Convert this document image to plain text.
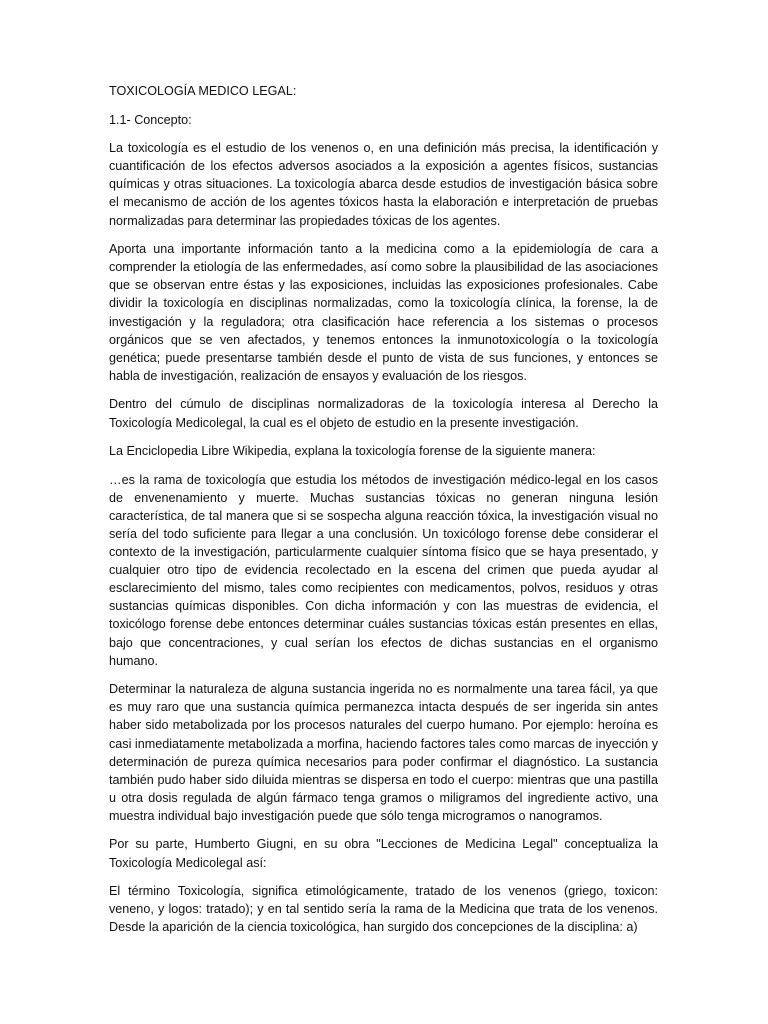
TOXICOLOGÍA MEDICO LEGAL:

1.1- Concepto:

La toxicología es el estudio de los venenos o, en una definición más precisa, la identificación y cuantificación de los efectos adversos asociados a la exposición a agentes físicos, sustancias químicas y otras situaciones. La toxicología abarca desde estudios de investigación básica sobre el mecanismo de acción de los agentes tóxicos hasta la elaboración e interpretación de pruebas normalizadas para determinar las propiedades tóxicas de los agentes.

Aporta una importante información tanto a la medicina como a la epidemiología de cara a comprender la etiología de las enfermedades, así como sobre la plausibilidad de las asociaciones que se observan entre éstas y las exposiciones, incluidas las exposiciones profesionales. Cabe dividir la toxicología en disciplinas normalizadas, como la toxicología clínica, la forense, la de investigación y la reguladora; otra clasificación hace referencia a los sistemas o procesos orgánicos que se ven afectados, y tenemos entonces la inmunotoxicología o la toxicología genética; puede presentarse también desde el punto de vista de sus funciones, y entonces se habla de investigación, realización de ensayos y evaluación de los riesgos.

Dentro del cúmulo de disciplinas normalizadoras de la toxicología interesa al Derecho la Toxicología Medicolegal, la cual es el objeto de estudio en la presente investigación.

La Enciclopedia Libre Wikipedia, explana la toxicología forense de la siguiente manera:

…es la rama de toxicología que estudia los métodos de investigación médico-legal en los casos de envenenamiento y muerte. Muchas sustancias tóxicas no generan ninguna lesión característica, de tal manera que si se sospecha alguna reacción tóxica, la investigación visual no sería del todo suficiente para llegar a una conclusión. Un toxicólogo forense debe considerar el contexto de la investigación, particularmente cualquier síntoma físico que se haya presentado, y cualquier otro tipo de evidencia recolectado en la escena del crimen que pueda ayudar al esclarecimiento del mismo, tales como recipientes con medicamentos, polvos, residuos y otras sustancias químicas disponibles. Con dicha información y con las muestras de evidencia, el toxicólogo forense debe entonces determinar cuáles sustancias tóxicas están presentes en ellas, bajo que concentraciones, y cual serían los efectos de dichas sustancias en el organismo humano.

Determinar la naturaleza de alguna sustancia ingerida no es normalmente una tarea fácil, ya que es muy raro que una sustancia química permanezca intacta después de ser ingerida sin antes haber sido metabolizada por los procesos naturales del cuerpo humano. Por ejemplo: heroína es casi inmediatamente metabolizada a morfina, haciendo factores tales como marcas de inyección y determinación de pureza química necesarios para poder confirmar el diagnóstico. La sustancia también pudo haber sido diluida mientras se dispersa en todo el cuerpo: mientras que una pastilla u otra dosis regulada de algún fármaco tenga gramos o miligramos del ingrediente activo, una muestra individual bajo investigación puede que sólo tenga microgramos o nanogramos.

Por su parte, Humberto Giugni, en su obra "Lecciones de Medicina Legal" conceptualiza la Toxicología Medicolegal así:

El término Toxicología, significa etimológicamente, tratado de los venenos (griego, toxicon: veneno, y logos: tratado); y en tal sentido sería la rama de la Medicina que trata de los venenos. Desde la aparición de la ciencia toxicológica, han surgido dos concepciones de la disciplina: a)
